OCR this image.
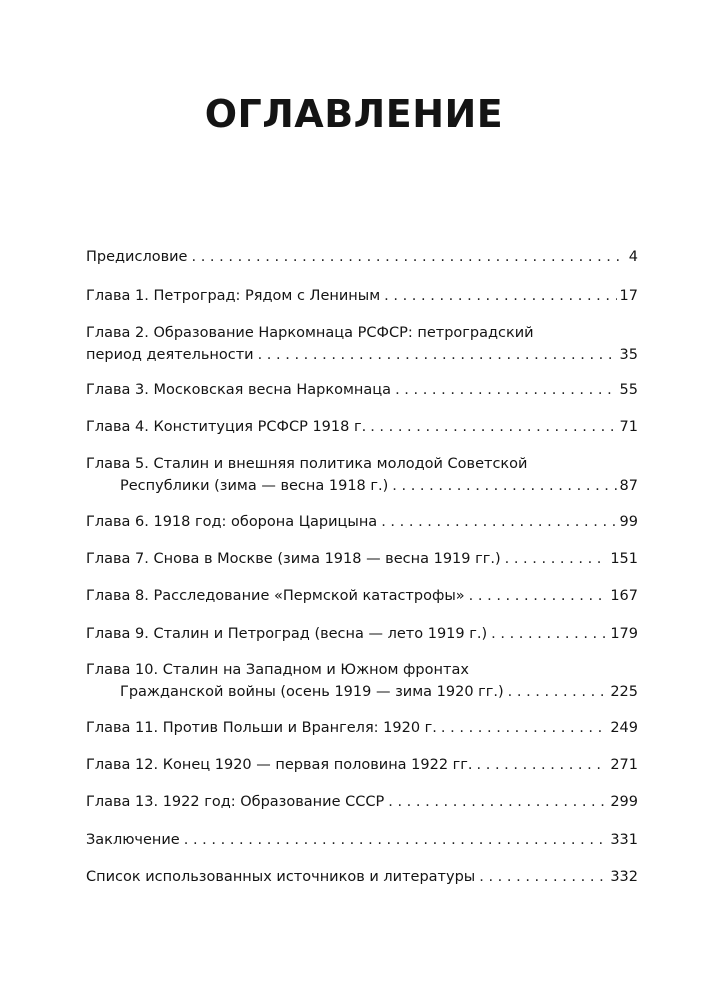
ОГЛАВЛЕНИЕ
Предисловие . . .	4
Глава 1. Петроград: Рядом с Лениным . . .	17
Глава 2. Образование Наркомнаца РСФСР: петроградский
период деятельности . . .	35
Глава 3. Московская весна Наркомнаца . . .	55
Глава 4. Конституция РСФСР 1918 г. . . .	71
Глава 5. Сталин и внешняя политика молодой Советской
Республики (зима — весна 1918 г.) . . .	87
Глава 6. 1918 год: оборона Царицына . . .	99
Глава 7. Снова в Москве (зима 1918 — весна 1919 гг.) . . .	151
Глава 8. Расследование «Пермской катастрофы» . . .	167
Глава 9. Сталин и Петроград (весна — лето 1919 г.) . . .	179
Глава 10. Сталин на Западном и Южном фронтах
Гражданской войны (осень 1919 — зима 1920 гг.) . . .	225
Глава 11. Против Польши и Врангеля: 1920 г. . . .	249
Глава 12. Конец 1920 — первая половина 1922 гг. . . .	271
Глава 13. 1922 год: Образование СССР . . .	299
Заключение . . .	331
Список использованных источников и литературы . . .	332
